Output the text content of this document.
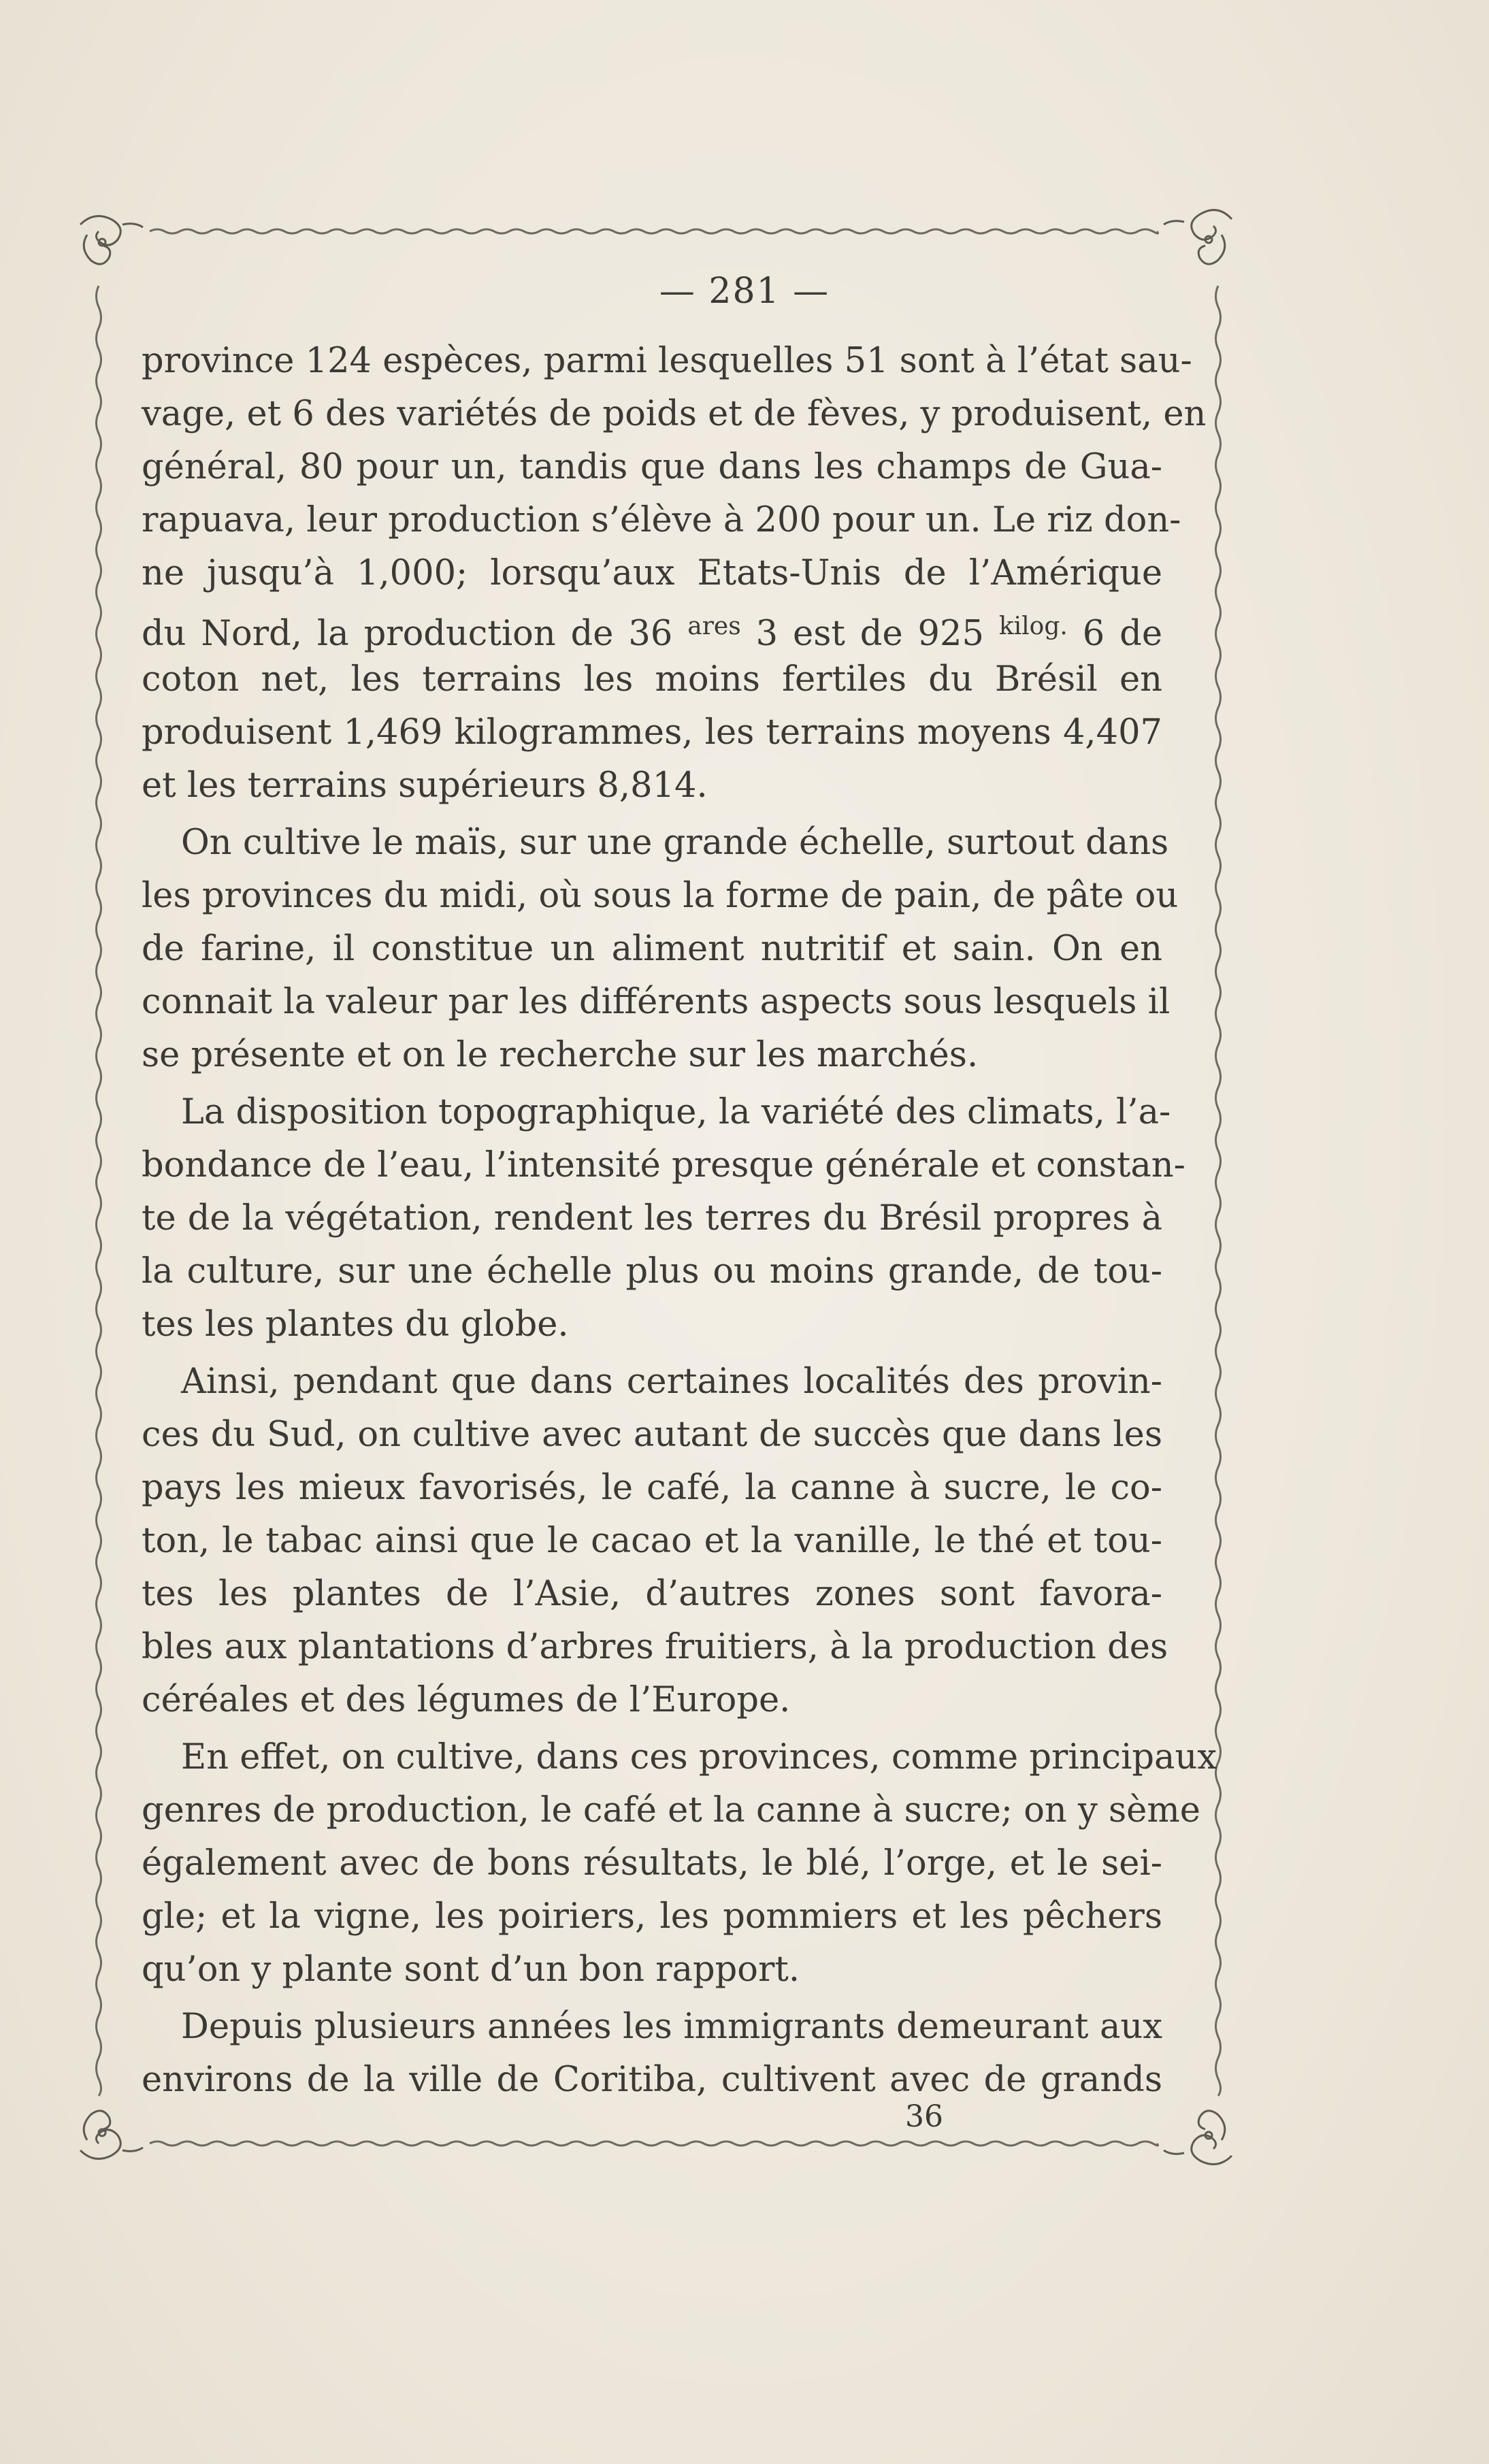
— 281 —
province 124 espèces, parmi lesquelles 51 sont à l’état sau-
vage, et 6 des variétés de poids et de fèves, y produisent, en
général, 80 pour un, tandis que dans les champs de Gua-
rapuava, leur production s’élève à 200 pour un. Le riz don-
ne jusqu’à 1,000; lorsqu’aux Etats-Unis de l’Amérique
du Nord, la production de 36 $^{ares}$ 3 est de 925 $^{kilog.}$ 6 de
coton net, les terrains les moins fertiles du Brésil en
produisent 1,469 kilogrammes, les terrains moyens 4,407
et les terrains supérieurs 8,814.
On cultive le maïs, sur une grande échelle, surtout dans
les provinces du midi, où sous la forme de pain, de pâte ou
de farine, il constitue un aliment nutritif et sain. On en
connait la valeur par les différents aspects sous lesquels il
se présente et on le recherche sur les marchés.
La disposition topographique, la variété des climats, l’a-
bondance de l’eau, l’intensité presque générale et constan-
te de la végétation, rendent les terres du Brésil propres à
la culture, sur une échelle plus ou moins grande, de tou-
tes les plantes du globe.
Ainsi, pendant que dans certaines localités des provin-
ces du Sud, on cultive avec autant de succès que dans les
pays les mieux favorisés, le café, la canne à sucre, le co-
ton, le tabac ainsi que le cacao et la vanille, le thé et tou-
tes les plantes de l’Asie, d’autres zones sont favora-
bles aux plantations d’arbres fruitiers, à la production des
céréales et des légumes de l’Europe.
En effet, on cultive, dans ces provinces, comme principaux
genres de production, le café et la canne à sucre; on y sème
également avec de bons résultats, le blé, l’orge, et le sei-
gle; et la vigne, les poiriers, les pommiers et les pêchers
qu’on y plante sont d’un bon rapport.
Depuis plusieurs années les immigrants demeurant aux
environs de la ville de Coritiba, cultivent avec de grands
36
